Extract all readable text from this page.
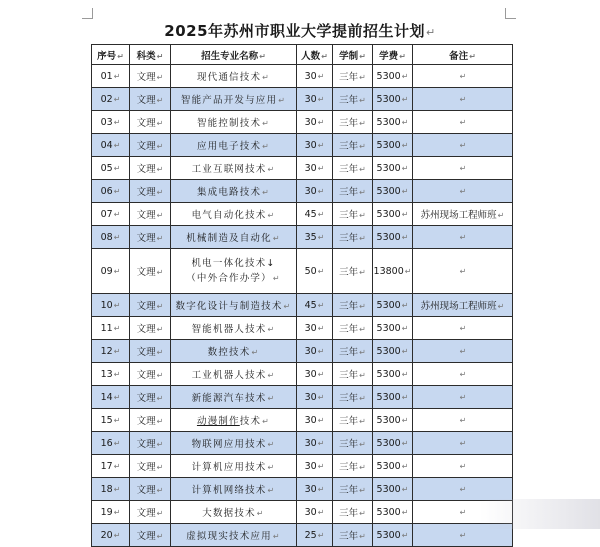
2025年苏州市职业大学提前招生计划↵
序号↵	科类↵	招生专业名称↵	人数↵	学制↵	学费↵	备注↵
01↵	文理↵	现代通信技术↵	30↵	三年↵	5300↵	↵
02↵	文理↵	智能产品开发与应用↵	30↵	三年↵	5300↵	↵
03↵	文理↵	智能控制技术↵	30↵	三年↵	5300↵	↵
04↵	文理↵	应用电子技术↵	30↵	三年↵	5300↵	↵
05↵	文理↵	工业互联网技术↵	30↵	三年↵	5300↵	↵
06↵	文理↵	集成电路技术↵	30↵	三年↵	5300↵	↵
07↵	文理↵	电气自动化技术↵	45↵	三年↵	5300↵	苏州现场工程师班↵
08↵	文理↵	机械制造及自动化↵	35↵	三年↵	5300↵	↵
09↵	文理↵	机电一体化技术↓
（中外合作办学）↵	50↵	三年↵	13800↵	↵
10↵	文理↵	数字化设计与制造技术↵	45↵	三年↵	5300↵	苏州现场工程师班↵
11↵	文理↵	智能机器人技术↵	30↵	三年↵	5300↵	↵
12↵	文理↵	数控技术↵	30↵	三年↵	5300↵	↵
13↵	文理↵	工业机器人技术↵	30↵	三年↵	5300↵	↵
14↵	文理↵	新能源汽车技术↵	30↵	三年↵	5300↵	↵
15↵	文理↵	动漫制作技术↵	30↵	三年↵	5300↵	↵
16↵	文理↵	物联网应用技术↵	30↵	三年↵	5300↵	↵
17↵	文理↵	计算机应用技术↵	30↵	三年↵	5300↵	↵
18↵	文理↵	计算机网络技术↵	30↵	三年↵	5300↵	↵
19↵	文理↵	大数据技术↵	30↵	三年↵	5300↵	↵
20↵	文理↵	虚拟现实技术应用↵	25↵	三年↵	5300↵	↵
